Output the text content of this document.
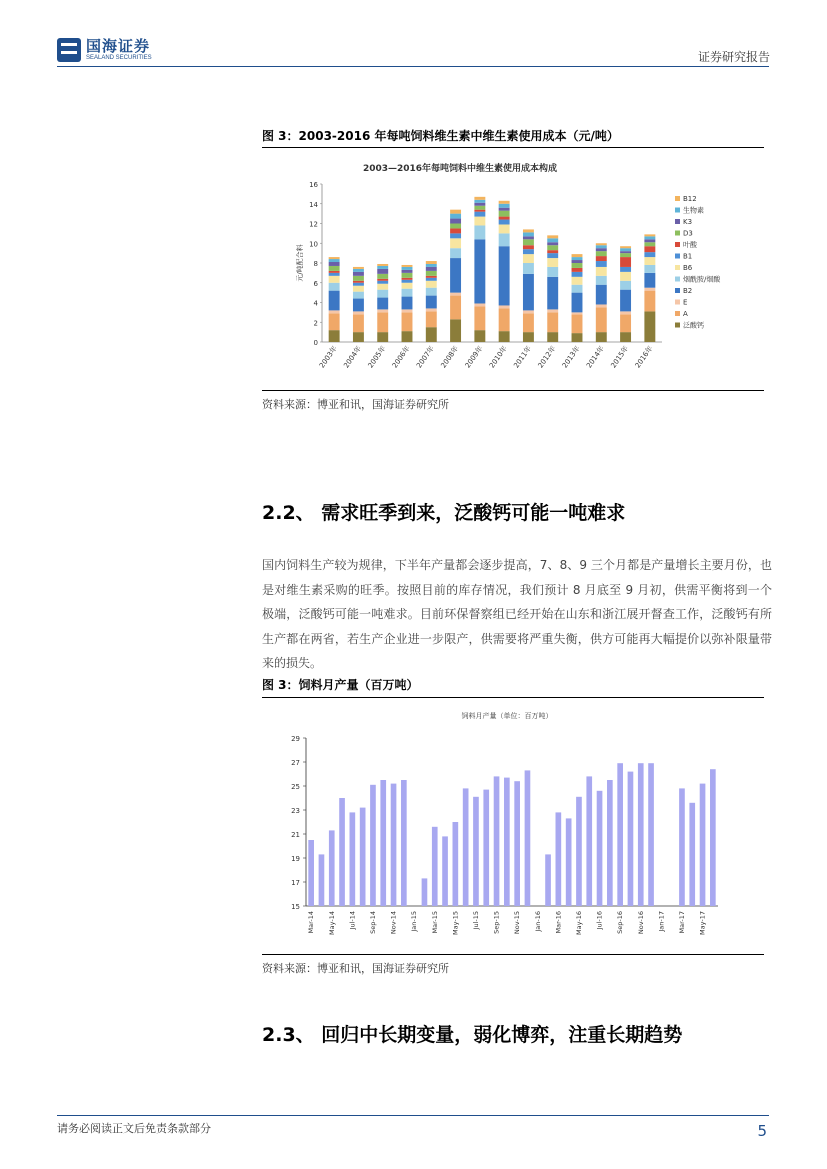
国海证券
SEALAND SECURITIES	证券研究报告
图 3：2003-2016 年每吨饲料维生素中维生素使用成本（元/吨）
2003—2016年每吨饲料中维生素使用成本构成
0
2
4
6
8
10
12
14
16
元/吨配合料
2003年 2004年 2005年 2006年 2007年 2008年 2009年 2010年 2011年 2012年 2013年 2014年 2015年 2016年
B12
生物素
K3
D3
叶酸
B1
B6
烟酰胺/烟酸
B2
E
A
泛酸钙
资料来源：博亚和讯，国海证券研究所
2.2、 需求旺季到来，泛酸钙可能一吨难求
国内饲料生产较为规律，下半年产量都会逐步提高，7、8、9 三个月都是产量增长主要月份，也是对维生素采购的旺季。按照目前的库存情况，我们预计 8 月底至 9 月初，供需平衡将到一个极端，泛酸钙可能一吨难求。目前环保督察组已经开始在山东和浙江展开督查工作，泛酸钙有所生产都在两省，若生产企业进一步限产，供需要将严重失衡，供方可能再大幅提价以弥补限量带来的损失。
图 3：饲料月产量（百万吨）
饲料月产量（单位：百万吨）
15
17
19
21
23
25
27
29
Mar-14 May-14 Jul-14 Sep-14 Nov-14 Jan-15 Mar-15 May-15 Jul-15 Sep-15 Nov-15 Jan-16 Mar-16 May-16 Jul-16 Sep-16 Nov-16 Jan-17 Mar-17 May-17
资料来源：博亚和讯，国海证券研究所
2.3、 回归中长期变量，弱化博弈，注重长期趋势
请务必阅读正文后免责条款部分	5
